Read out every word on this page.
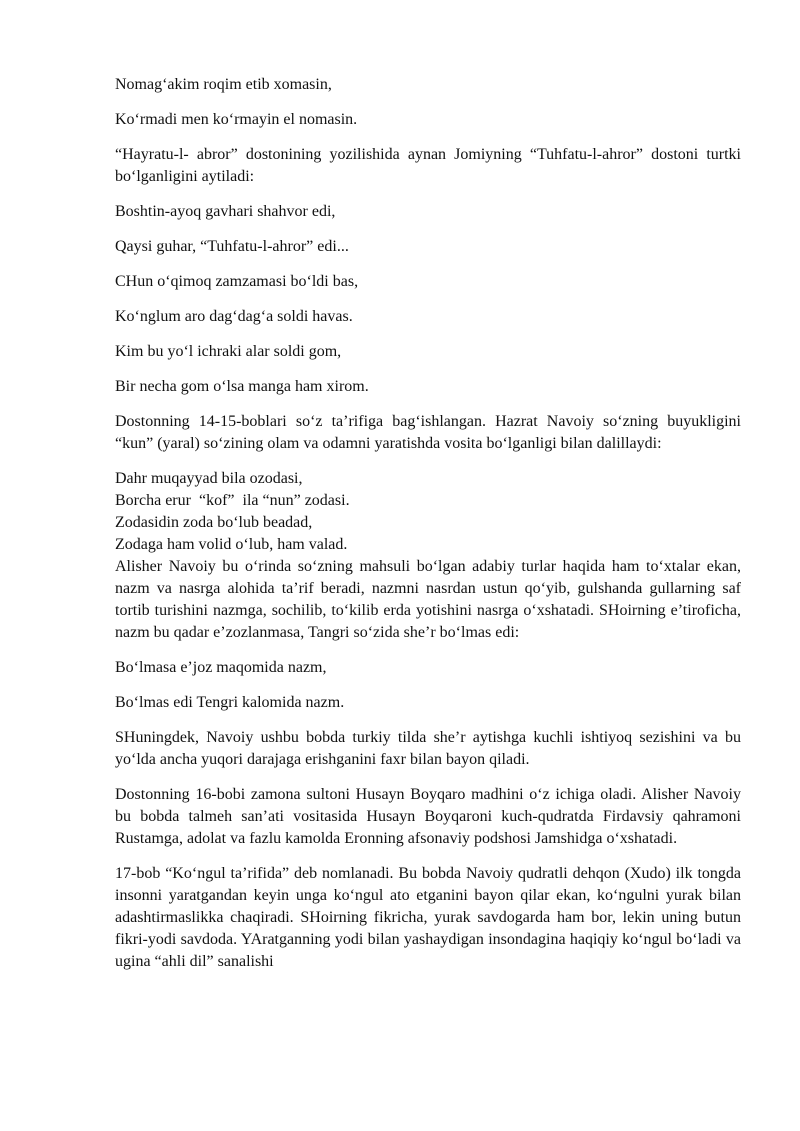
Nomag‘akim roqim etib xomasin,

Ko‘rmadi men ko‘rmayin el nomasin.

“Hayratu-l- abror” dostonining yozilishida aynan Jomiyning “Tuhfatu-l-ahror” dostoni turtki bo‘lganligini aytiladi:

Boshtin-ayoq gavhari shahvor edi,

Qaysi guhar, “Tuhfatu-l-ahror” edi...

CHun o‘qimoq zamzamasi bo‘ldi bas,

Ko‘nglum aro dag‘dag‘a soldi havas.

Kim bu yo‘l ichraki alar soldi gom,

Bir necha gom o‘lsa manga ham xirom.

Dostonning 14-15-boblari so‘z ta’rifiga bag‘ishlangan. Hazrat Navoiy so‘zning buyukligini “kun” (yaral) so‘zining olam va odamni yaratishda vosita bo‘lganligi bilan dalillaydi:

Dahr muqayyad bila ozodasi,
Borcha erur  “kof”  ila “nun” zodasi.
Zodasidin zoda bo‘lub beadad,
Zodaga ham volid o‘lub, ham valad.

Alisher Navoiy bu o‘rinda so‘zning mahsuli bo‘lgan adabiy turlar haqida ham to‘xtalar ekan, nazm va nasrga alohida ta’rif beradi, nazmni nasrdan ustun qo‘yib, gulshanda gullarning saf tortib turishini nazmga, sochilib, to‘kilib erda yotishini nasrga o‘xshatadi. SHoirning e’tiroficha, nazm bu qadar e’zozlanmasa, Tangri so‘zida she’r bo‘lmas edi:

Bo‘lmasa e’joz maqomida nazm,

Bo‘lmas edi Tengri kalomida nazm.

SHuningdek, Navoiy ushbu bobda turkiy tilda she’r aytishga kuchli ishtiyoq sezishini va bu yo‘lda ancha yuqori darajaga erishganini faxr bilan bayon qiladi.

Dostonning 16-bobi zamona sultoni Husayn Boyqaro madhini o‘z ichiga oladi. Alisher Navoiy bu bobda talmeh san’ati vositasida Husayn Boyqaroni kuch-qudratda Firdavsiy qahramoni Rustamga, adolat va fazlu kamolda Eronning afsonaviy podshosi Jamshidga o‘xshatadi.

17-bob “Ko‘ngul ta’rifida” deb nomlanadi. Bu bobda Navoiy qudratli dehqon (Xudo) ilk tongda insonni yaratgandan keyin unga ko‘ngul ato etganini bayon qilar ekan, ko‘ngulni yurak bilan adashtirmaslikka chaqiradi. SHoirning fikricha, yurak savdogarda ham bor, lekin uning butun fikri-yodi savdoda. YAratganning yodi bilan yashaydigan insondagina haqiqiy ko‘ngul bo‘ladi va ugina “ahli dil” sanalishi
